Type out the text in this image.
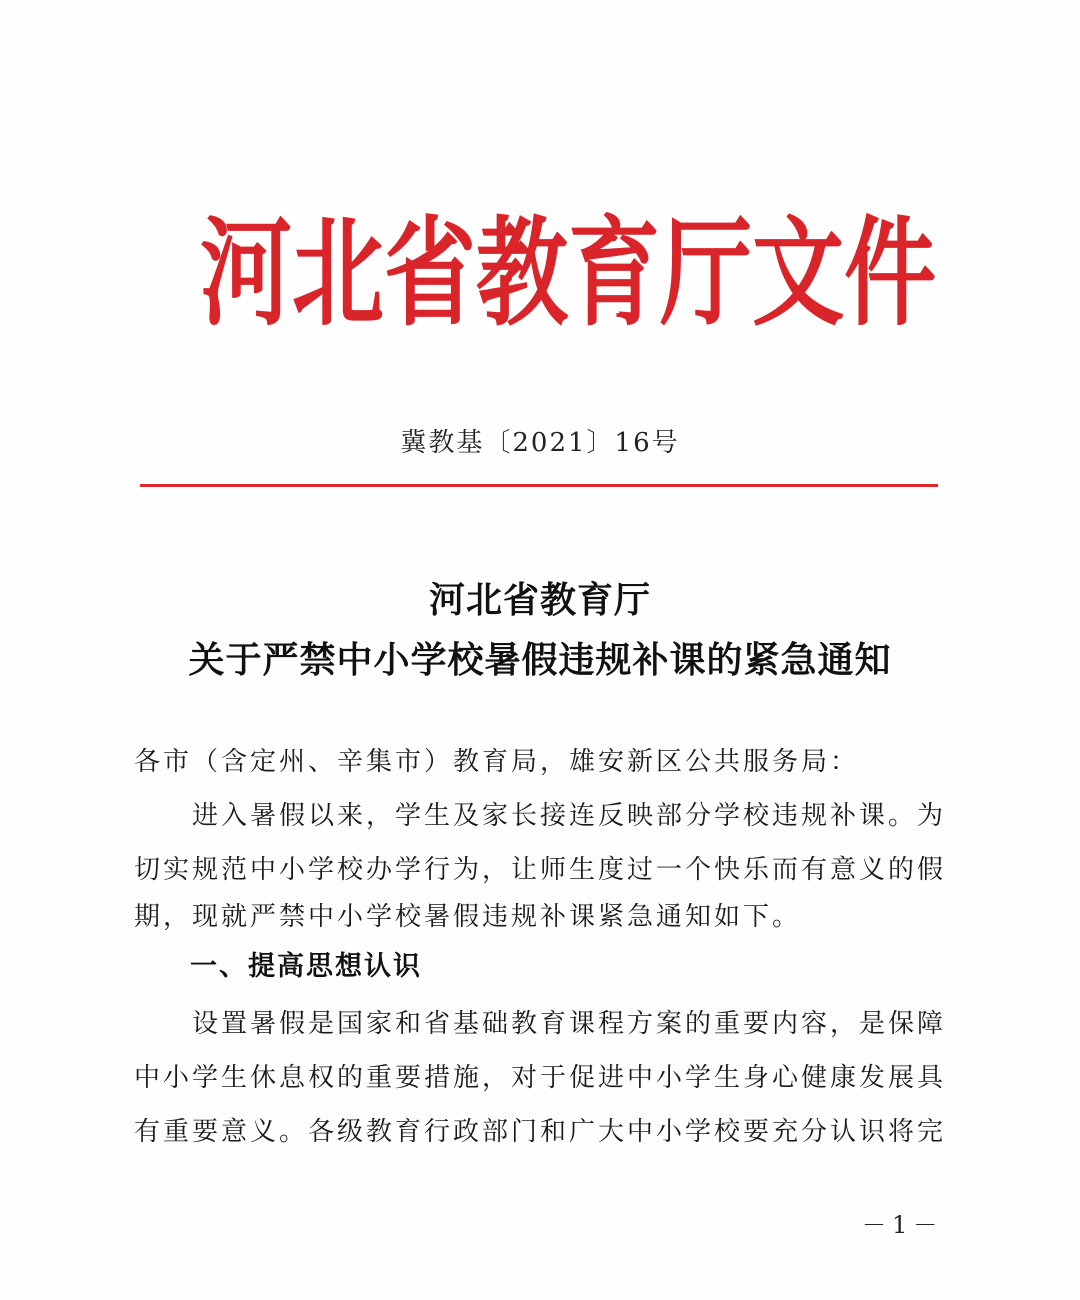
河 北 省 教 育 厅 文 件
冀教基〔2021〕16号
河北省教育厅
关于严禁中小学校暑假违规补课的紧急通知
各市（含定州、辛集市）教育局，雄安新区公共服务局：
　　进入暑假以来，学生及家长接连反映部分学校违规补课。为
切实规范中小学校办学行为，让师生度过一个快乐而有意义的假
期，现就严禁中小学校暑假违规补课紧急通知如下。
一、提高思想认识
　　设置暑假是国家和省基础教育课程方案的重要内容，是保障
中小学生休息权的重要措施，对于促进中小学生身心健康发展具
有重要意义。各级教育行政部门和广大中小学校要充分认识将完
－1－
